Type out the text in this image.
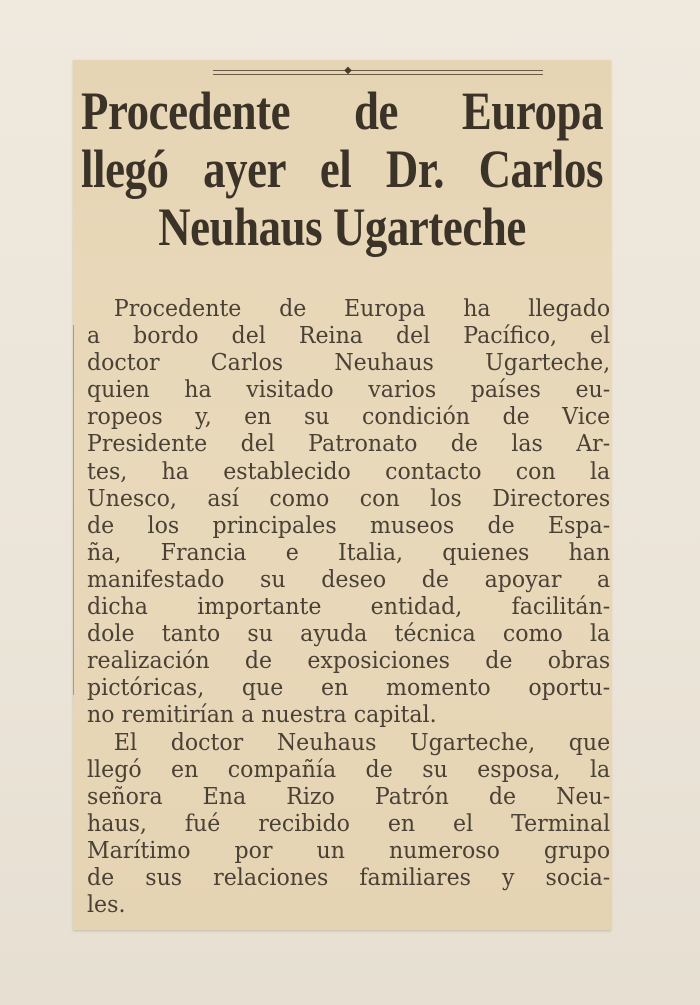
◆
Procedente de Europa
llegó ayer el Dr. Carlos
Neuhaus Ugarteche
Procedente de Europa ha llegado
a bordo del Reina del Pacífico, el
doctor Carlos Neuhaus Ugarteche,
quien ha visitado varios países eu-
ropeos y, en su condición de Vice
Presidente del Patronato de las Ar-
tes, ha establecido contacto con la
Unesco, así como con los Directores
de los principales museos de Espa-
ña, Francia e Italia, quienes han
manifestado su deseo de apoyar a
dicha importante entidad, facilitán-
dole tanto su ayuda técnica como la
realización de exposiciones de obras
pictóricas, que en momento oportu-
no remitirían a nuestra capital.
El doctor Neuhaus Ugarteche, que
llegó en compañía de su esposa, la
señora Ena Rizo Patrón de Neu-
haus, fué recibido en el Terminal
Marítimo por un numeroso grupo
de sus relaciones familiares y socia-
les.
